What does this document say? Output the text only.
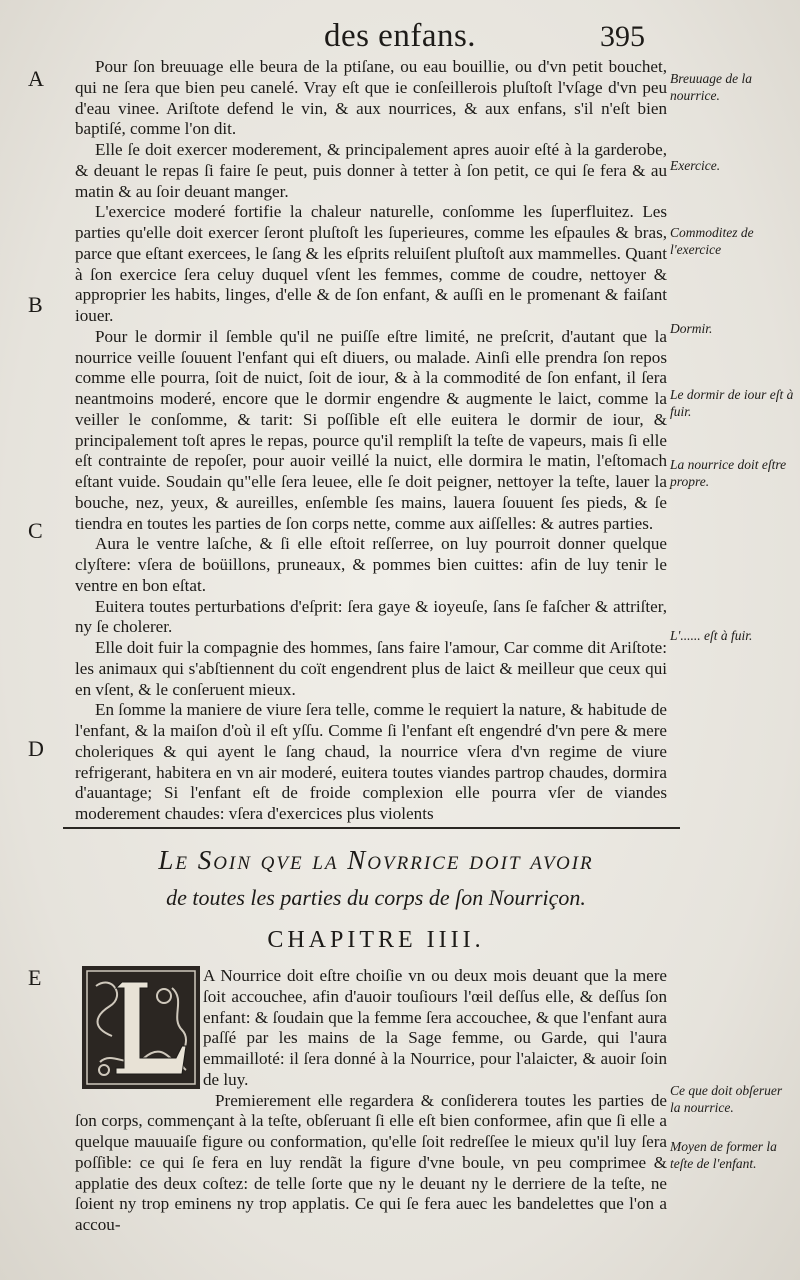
des enfans.	395
A
B
C
D
E

Pour ſon breuuage elle beura de la ptiſane, ou eau bouillie, ou d'vn petit bouchet, qui ne ſera que bien peu canelé. Vray eſt que ie conſeillerois pluſtoſt l'vſage d'vn peu d'eau vinee. Ariſtote defend le vin, & aux nourrices, & aux enfans, s'il n'eſt bien baptiſé, comme l'on dit.

Elle ſe doit exercer moderement, & principalement apres auoir eſté à la garderobe, & deuant le repas ſi faire ſe peut, puis donner à tetter à ſon petit, ce qui ſe fera & au matin & au ſoir deuant manger.

L'exercice moderé fortifie la chaleur naturelle, conſomme les ſuperfluitez. Les parties qu'elle doit exercer ſeront pluſtoſt les ſuperieures, comme les eſpaules & bras, parce que eſtant exercees, le ſang & les eſprits reluiſent pluſtoſt aux mammelles. Quant à ſon exercice ſera celuy duquel vſent les femmes, comme de coudre, nettoyer & approprier les habits, linges, d'elle & de ſon enfant, & auſſi en le promenant & faiſant iouer.

Pour le dormir il ſemble qu'il ne puiſſe eſtre limité, ne preſcrit, d'autant que la nourrice veille ſouuent l'enfant qui eſt diuers, ou malade. Ainſi elle prendra ſon repos comme elle pourra, ſoit de nuict, ſoit de iour, & à la commodité de ſon enfant, il ſera neantmoins moderé, encore que le dormir engendre & augmente le laict, comme la veiller le conſomme, & tarit: Si poſſible eſt elle euitera le dormir de iour, & principalement toſt apres le repas, pource qu'il rempliſt la teſte de vapeurs, mais ſi elle eſt contrainte de repoſer, pour auoir veillé la nuict, elle dormira le matin, l'eſtomach eſtant vuide. Soudain qu"elle ſera leuee, elle ſe doit peigner, nettoyer la teſte, lauer la bouche, nez, yeux, & aureilles, enſemble ſes mains, lauera ſouuent ſes pieds, & ſe tiendra en toutes les parties de ſon corps nette, comme aux aiſſelles: & autres parties.

Aura le ventre laſche, & ſi elle eſtoit reſſerree, on luy pourroit donner quelque clyſtere: vſera de boüillons, pruneaux, & pommes bien cuittes: afin de luy tenir le ventre en bon eſtat.

Euitera toutes perturbations d'eſprit: ſera gaye & ioyeuſe, ſans ſe faſcher & attriſter, ny ſe cholerer.

Elle doit fuir la compagnie des hommes, ſans faire l'amour, Car comme dit Ariſtote: les animaux qui s'abſtiennent du coït engendrent plus de laict & meilleur que ceux qui en vſent, & le conſeruent mieux.

En ſomme la maniere de viure ſera telle, comme le requiert la nature, & habitude de l'enfant, & la maiſon d'où il eſt yſſu. Comme ſi l'enfant eſt engendré d'vn pere & mere choleriques & qui ayent le ſang chaud, la nourrice vſera d'vn regime de viure refrigerant, habitera en vn air moderé, euitera toutes viandes partrop chaudes, dormira d'auantage; Si l'enfant eſt de froide complexion elle pourra vſer de viandes moderement chaudes: vſera d'exercices plus violents

Breuuage de la nourrice.
Exercice.
Commoditez de l'exercice
Dormir.
Le dormir de iour eſt à fuir.
La nourrice doit eſtre propre.
L'...... eſt à fuir.
Ce que doit obſeruer la nourrice.
Moyen de former la teſte de l'enfant.
Le Soin qve la Novrrice doit avoir
de toutes les parties du corps de ſon Nourriçon.
CHAPITRE IIII.

A Nourrice doit eſtre choiſie vn ou deux mois deuant que la mere ſoit accouchee, afin d'auoir touſiours l'œil deſſus elle, & deſſus ſon enfant: & ſoudain que la femme ſera accouchee, & que l'enfant aura paſſé par les mains de la Sage femme, ou Garde, qui l'aura emmailloté: il ſera donné à la Nourrice, pour l'alaicter, & auoir ſoin de luy.

Premierement elle regardera & conſiderera toutes les parties de ſon corps, commençant à la teſte, obſeruant ſi elle eſt bien conformee, afin que ſi elle a quelque mauuaiſe figure ou conformation, qu'elle ſoit redreſſee le mieux qu'il luy ſera poſſible: ce qui ſe fera en luy rendãt la figure d'vne boule, vn peu comprimee & applatie des deux coſtez: de telle ſorte que ny le deuant ny le derriere de la teſte, ne ſoient ny trop eminens ny trop applatis. Ce qui ſe fera auec les bandelettes que l'on a accou-
